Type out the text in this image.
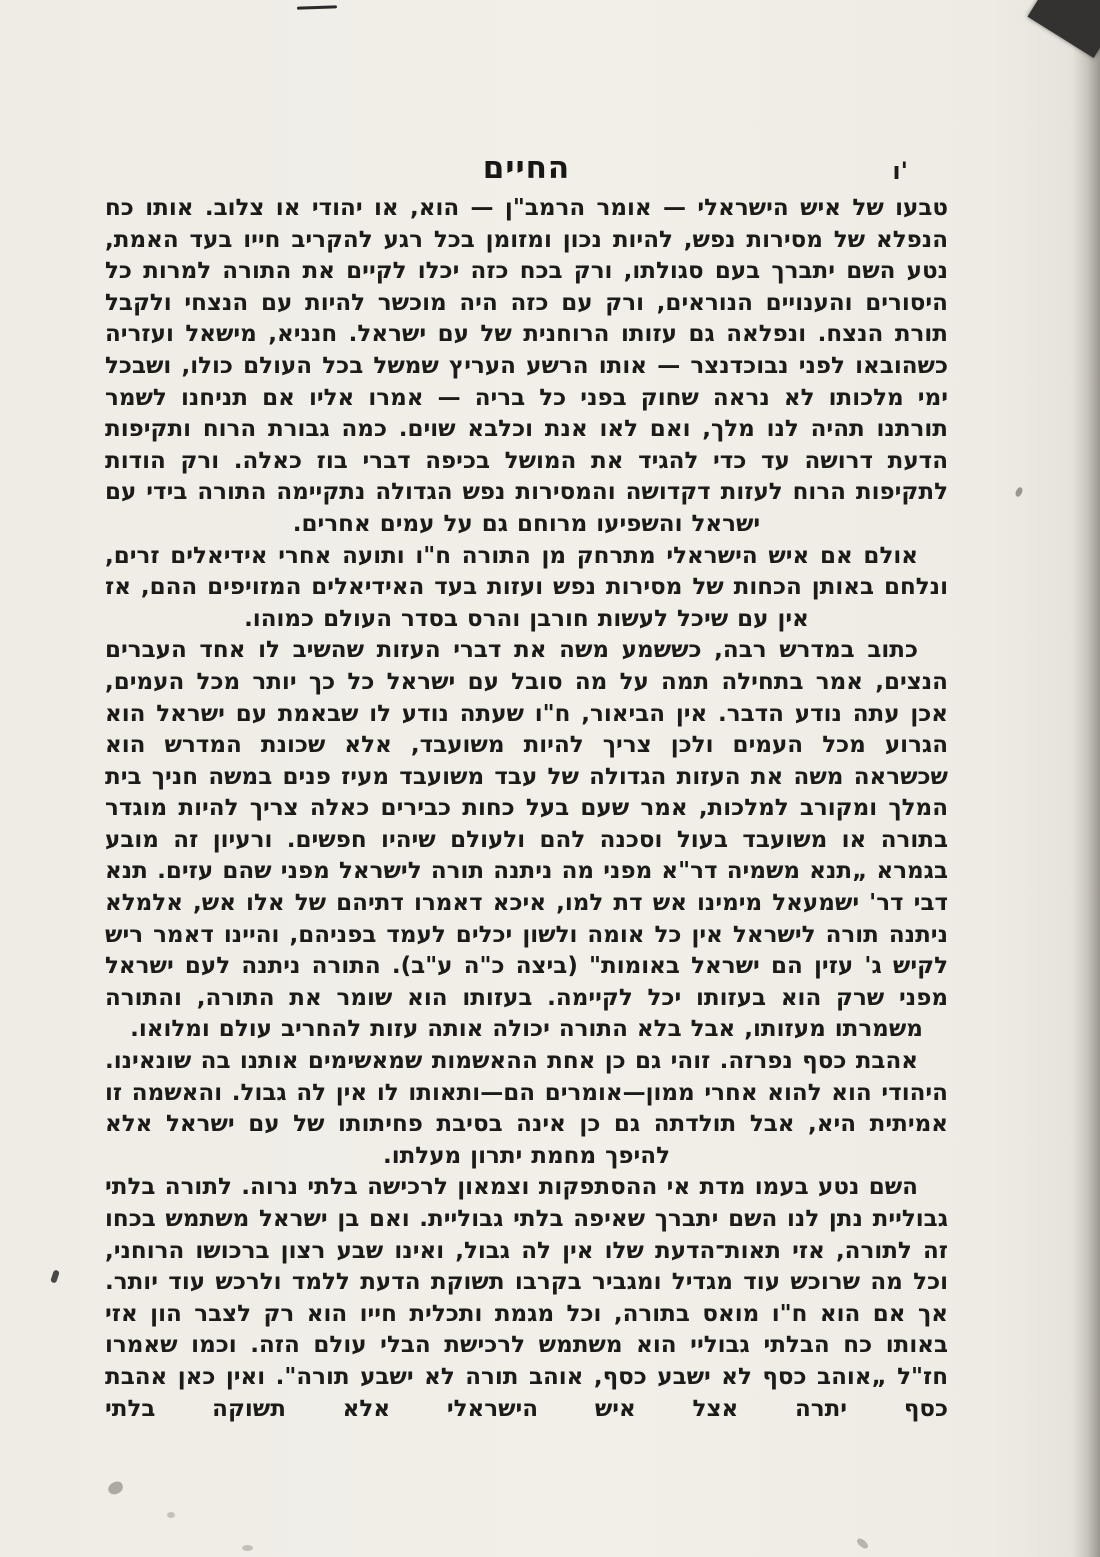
ו'
החיים

טבעו של איש הישראלי — אומר הרמב"ן — הוא, או יהודי או צלוב. אותו כח הנפלא של מסירות נפש, להיות נכון ומזומן בכל רגע להקריב חייו בעד האמת, נטע השם יתברך בעם סגולתו, ורק בכח כזה יכלו לקיים את התורה למרות כל היסורים והענויים הנוראים, ורק עם כזה היה מוכשר להיות עם הנצחי ולקבל תורת הנצח. ונפלאה גם עזותו הרוחנית של עם ישראל. חנניא, מישאל ועזריה כשהובאו לפני נבוכדנצר — אותו הרשע העריץ שמשל בכל העולם כולו, ושבכל ימי מלכותו לא נראה שחוק בפני כל בריה — אמרו אליו אם תניחנו לשמר תורתנו תהיה לנו מלך, ואם לאו אנת וכלבא שוים. כמה גבורת הרוח ותקיפות הדעת דרושה עד כדי להגיד את המושל בכיפה דברי בוז כאלה. ורק הודות לתקיפות הרוח לעזות דקדושה והמסירות נפש הגדולה נתקיימה התורה בידי עם ישראל והשפיעו מרוחם גם על עמים אחרים.

אולם אם איש הישראלי מתרחק מן התורה ח"ו ותועה אחרי אידיאלים זרים, ונלחם באותן הכחות של מסירות נפש ועזות בעד האידיאלים המזויפים ההם, אז אין עם שיכל לעשות חורבן והרס בסדר העולם כמוהו.

כתוב במדרש רבה, כששמע משה את דברי העזות שהשיב לו אחד העברים הנצים, אמר בתחילה תמה על מה סובל עם ישראל כל כך יותר מכל העמים, אכן עתה נודע הדבר. אין הביאור, ח"ו שעתה נודע לו שבאמת עם ישראל הוא הגרוע מכל העמים ולכן צריך להיות משועבד, אלא שכונת המדרש הוא שכשראה משה את העזות הגדולה של עבד משועבד מעיז פנים במשה חניך בית המלך ומקורב למלכות, אמר שעם בעל כחות כבירים כאלה צריך להיות מוגדר בתורה או משועבד בעול וסכנה להם ולעולם שיהיו חפשים. ורעיון זה מובע בגמרא „תנא משמיה דר"א מפני מה ניתנה תורה לישראל מפני שהם עזים. תנא דבי דר' ישמעאל מימינו אש דת למו, איכא דאמרו דתיהם של אלו אש, אלמלא ניתנה תורה לישראל אין כל אומה ולשון יכלים לעמד בפניהם, והיינו דאמר ריש לקיש ג' עזין הם ישראל באומות" (ביצה כ"ה ע"ב). התורה ניתנה לעם ישראל מפני שרק הוא בעזותו יכל לקיימה. בעזותו הוא שומר את התורה, והתורה משמרתו מעזותו, אבל בלא התורה יכולה אותה עזות להחריב עולם ומלואו.

אהבת כסף נפרזה. זוהי גם כן אחת ההאשמות שמאשימים אותנו בה שונאינו. היהודי הוא להוא אחרי ממון—אומרים הם—ותאותו לו אין לה גבול. והאשמה זו אמיתית היא, אבל תולדתה גם כן אינה בסיבת פחיתותו של עם ישראל אלא להיפך מחמת יתרון מעלתו.

השם נטע בעמו מדת אי ההסתפקות וצמאון לרכישה בלתי נרוה. לתורה בלתי גבוליית נתן לנו השם יתברך שאיפה בלתי גבוליית. ואם בן ישראל משתמש בכחו זה לתורה, אזי תאות־הדעת שלו אין לה גבול, ואינו שבע רצון ברכושו הרוחני, וכל מה שרוכש עוד מגדיל ומגביר בקרבו תשוקת הדעת ללמד ולרכש עוד יותר. אך אם הוא ח"ו מואס בתורה, וכל מגמת ותכלית חייו הוא רק לצבר הון אזי באותו כח הבלתי גבוליי הוא משתמש לרכישת הבלי עולם הזה. וכמו שאמרו חז"ל „אוהב כסף לא ישבע כסף, אוהב תורה לא ישבע תורה". ואין כאן אהבת כסף יתרה אצל איש הישראלי אלא תשוקה בלתי
